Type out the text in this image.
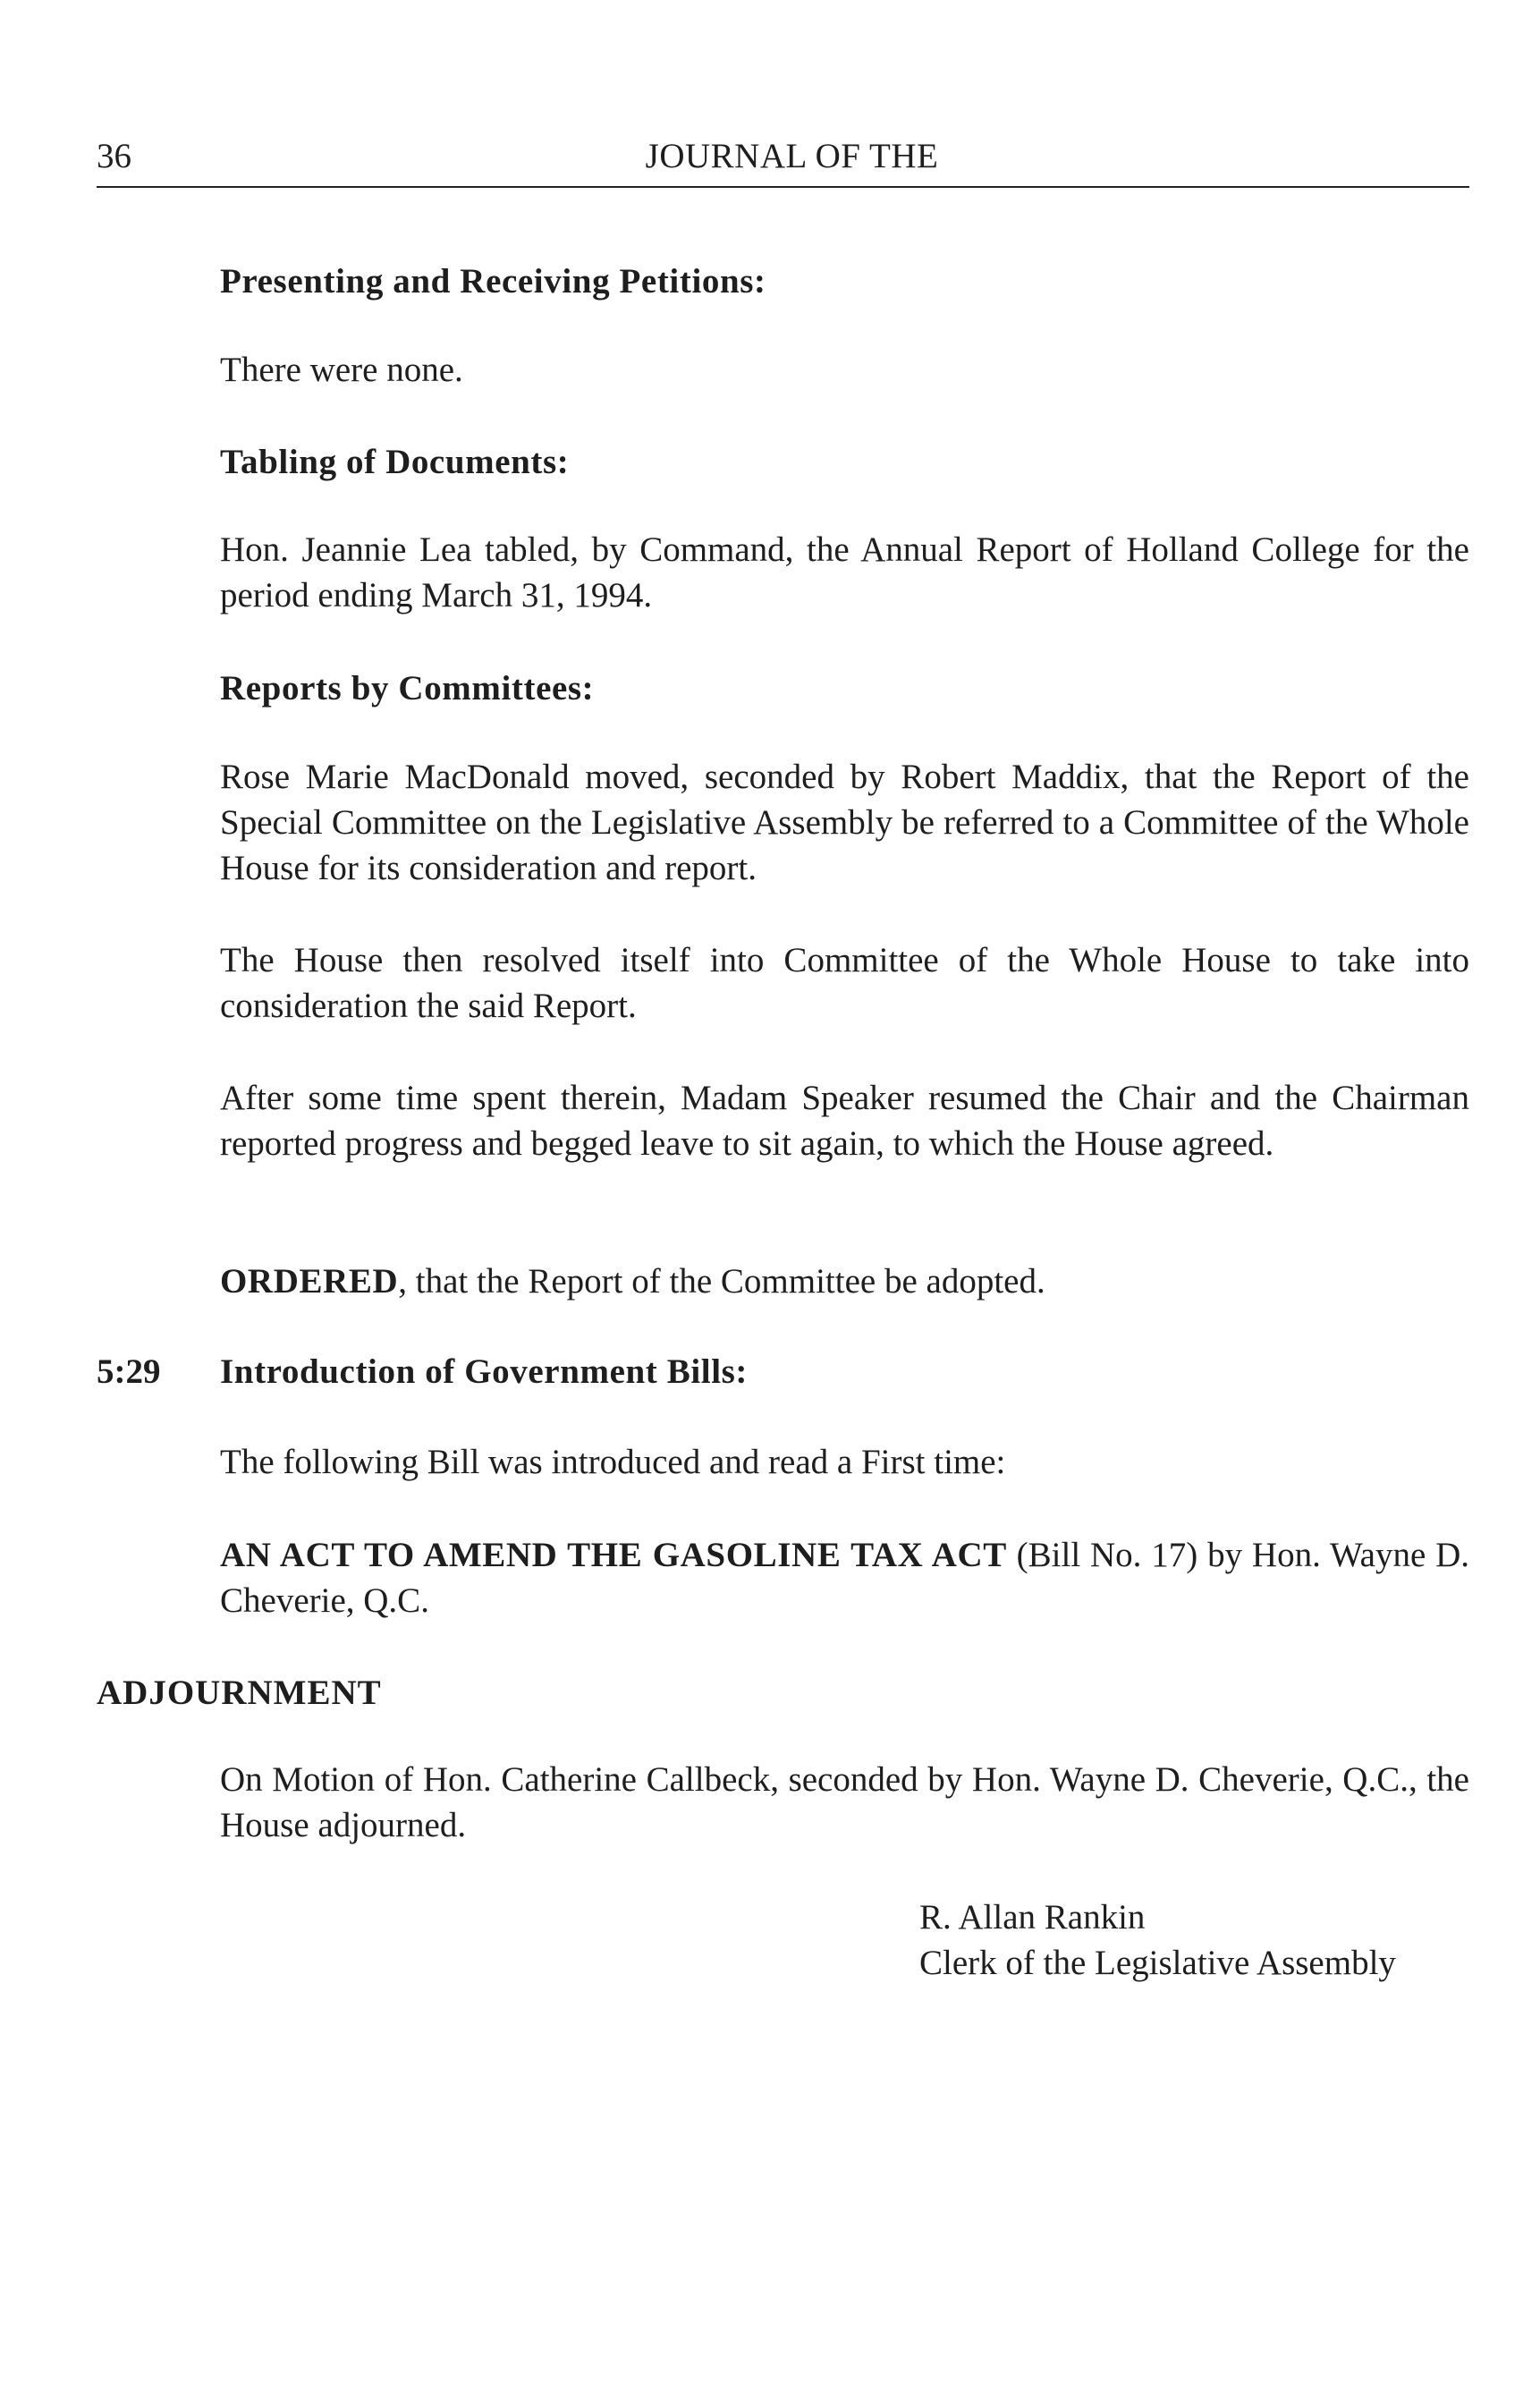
36	JOURNAL OF THE
Presenting and Receiving Petitions:
There were none.
Tabling of Documents:
Hon. Jeannie Lea tabled, by Command, the Annual Report of Holland College for the period ending March 31, 1994.
Reports by Committees:
Rose Marie MacDonald moved, seconded by Robert Maddix, that the Report of the Special Committee on the Legislative Assembly be referred to a Committee of the Whole House for its consideration and report.
The House then resolved itself into Committee of the Whole House to take into consideration the said Report.
After some time spent therein, Madam Speaker resumed the Chair and the Chairman reported progress and begged leave to sit again, to which the House agreed.
ORDERED, that the Report of the Committee be adopted.
5:29 Introduction of Government Bills:
The following Bill was introduced and read a First time:
AN ACT TO AMEND THE GASOLINE TAX ACT (Bill No. 17) by Hon. Wayne D. Cheverie, Q.C.
ADJOURNMENT
On Motion of Hon. Catherine Callbeck, seconded by Hon. Wayne D. Cheverie, Q.C., the House adjourned.
R. Allan Rankin
Clerk of the Legislative Assembly
